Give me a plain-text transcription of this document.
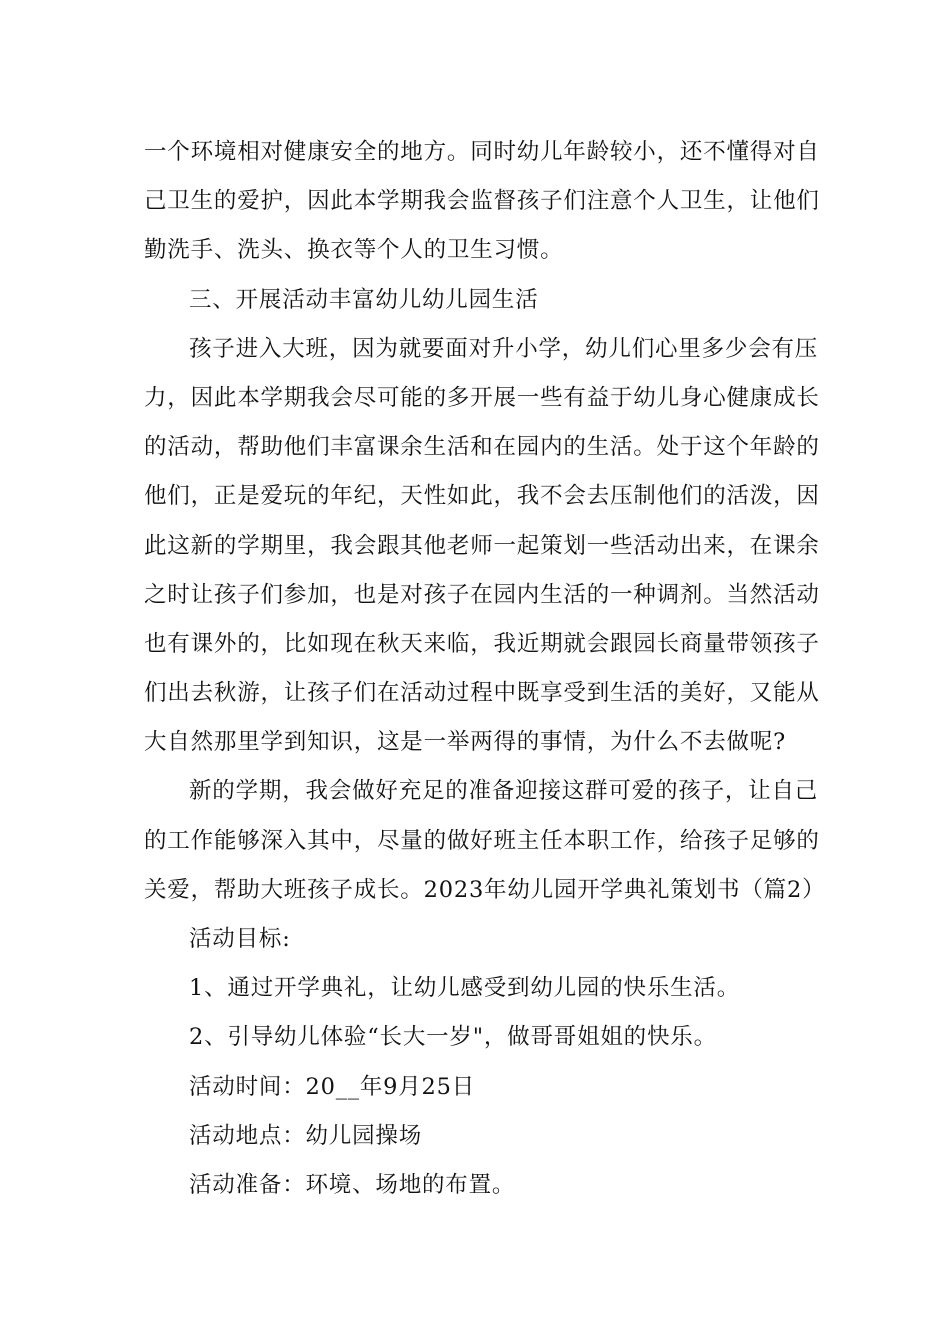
一个环境相对健康安全的地方。同时幼儿年龄较小，还不懂得对自
己卫生的爱护，因此本学期我会监督孩子们注意个人卫生，让他们
勤洗手、洗头、换衣等个人的卫生习惯。
三、开展活动丰富幼儿幼儿园生活
孩子进入大班，因为就要面对升小学，幼儿们心里多少会有压
力，因此本学期我会尽可能的多开展一些有益于幼儿身心健康成长
的活动，帮助他们丰富课余生活和在园内的生活。处于这个年龄的
他们，正是爱玩的年纪，天性如此，我不会去压制他们的活泼，因
此这新的学期里，我会跟其他老师一起策划一些活动出来，在课余
之时让孩子们参加，也是对孩子在园内生活的一种调剂。当然活动
也有课外的，比如现在秋天来临，我近期就会跟园长商量带领孩子
们出去秋游，让孩子们在活动过程中既享受到生活的美好，又能从
大自然那里学到知识，这是一举两得的事情，为什么不去做呢?
新的学期，我会做好充足的准备迎接这群可爱的孩子，让自己
的工作能够深入其中，尽量的做好班主任本职工作，给孩子足够的
关爱，帮助大班孩子成长。2023年幼儿园开学典礼策划书（篇2）
活动目标:
1、通过开学典礼，让幼儿感受到幼儿园的快乐生活。
2、引导幼儿体验“长大一岁"，做哥哥姐姐的快乐。
活动时间：20__年9月25日
活动地点：幼儿园操场
活动准备：环境、场地的布置。
